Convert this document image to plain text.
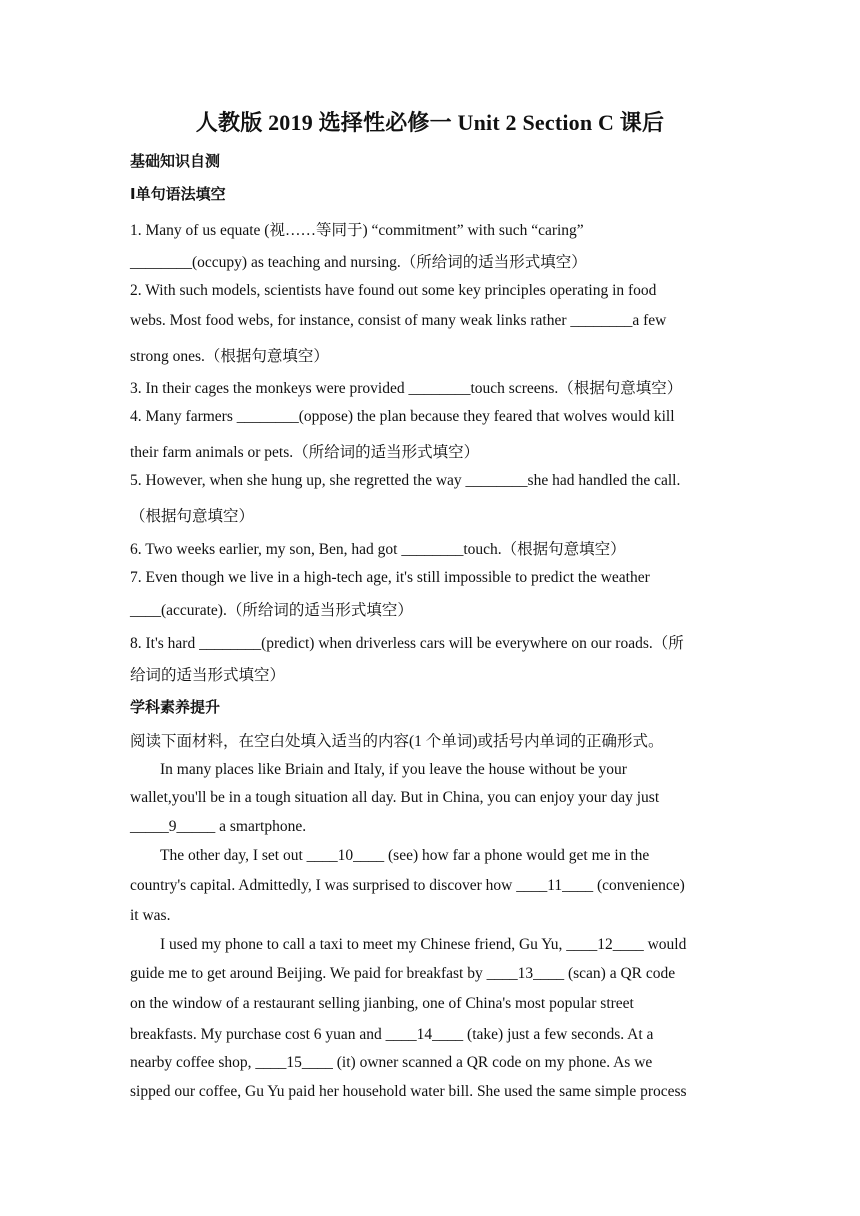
人教版 2019 选择性必修一 Unit 2 Section C 课后
基础知识自测
Ⅰ单句语法填空
1. Many of us equate (视……等同于) “commitment” with such “caring”
________(occupy) as teaching and nursing.（所给词的适当形式填空）
2. With such models, scientists have found out some key principles operating in food
webs. Most food webs, for instance, consist of many weak links rather ________a few
strong ones.（根据句意填空）
3. In their cages the monkeys were provided ________touch screens.（根据句意填空）
4. Many farmers ________(oppose) the plan because they feared that wolves would kill
their farm animals or pets.（所给词的适当形式填空）
5. However, when she hung up, she regretted the way ________she had handled the call.
（根据句意填空）
6. Two weeks earlier, my son, Ben, had got ________touch.（根据句意填空）
7. Even though we live in a high-tech age, it's still impossible to predict the weather
____(accurate).（所给词的适当形式填空）
8. It's hard ________(predict) when driverless cars will be everywhere on our roads.（所
给词的适当形式填空）
学科素养提升
阅读下面材料，在空白处填入适当的内容(1 个单词)或括号内单词的正确形式。
In many places like Briain and Italy, if you leave the house without be your
wallet,you'll be in a tough situation all day. But in China, you can enjoy your day just
_____9_____ a smartphone.
The other day, I set out ____10____ (see) how far a phone would get me in the
country's capital. Admittedly, I was surprised to discover how ____11____ (convenience)
it was.
I used my phone to call a taxi to meet my Chinese friend, Gu Yu, ____12____ would
guide me to get around Beijing. We paid for breakfast by ____13____ (scan) a QR code
on the window of a restaurant selling jianbing, one of China's most popular street
breakfasts. My purchase cost 6 yuan and ____14____ (take) just a few seconds. At a
nearby coffee shop, ____15____ (it) owner scanned a QR code on my phone. As we
sipped our coffee, Gu Yu paid her household water bill. She used the same simple process
